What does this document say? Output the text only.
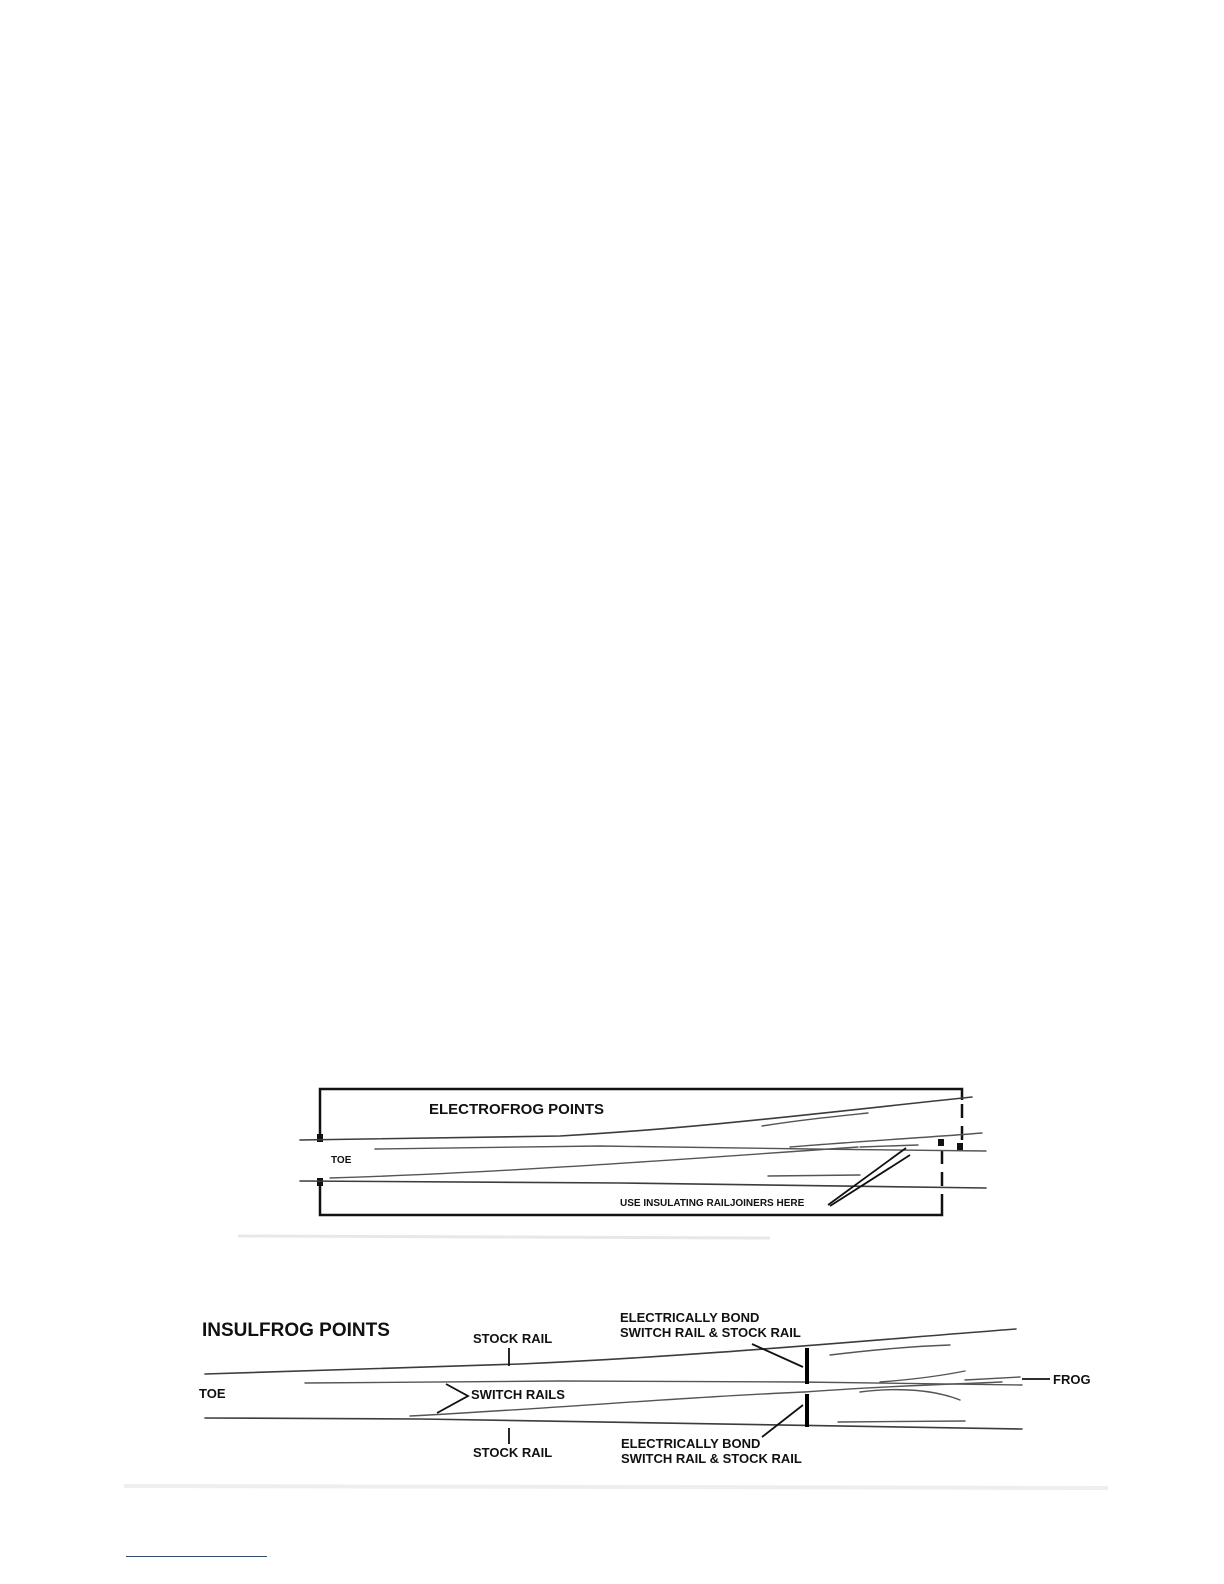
ELECTROFROG POINTS
TOE
USE INSULATING RAILJOINERS HERE
INSULFROG POINTS	STOCK RAIL
ELECTRICALLY BOND
SWITCH RAIL & STOCK RAIL
TOE	SWITCH RAILS
FROG
STOCK RAIL
ELECTRICALLY BOND
SWITCH RAIL & STOCK RAIL
